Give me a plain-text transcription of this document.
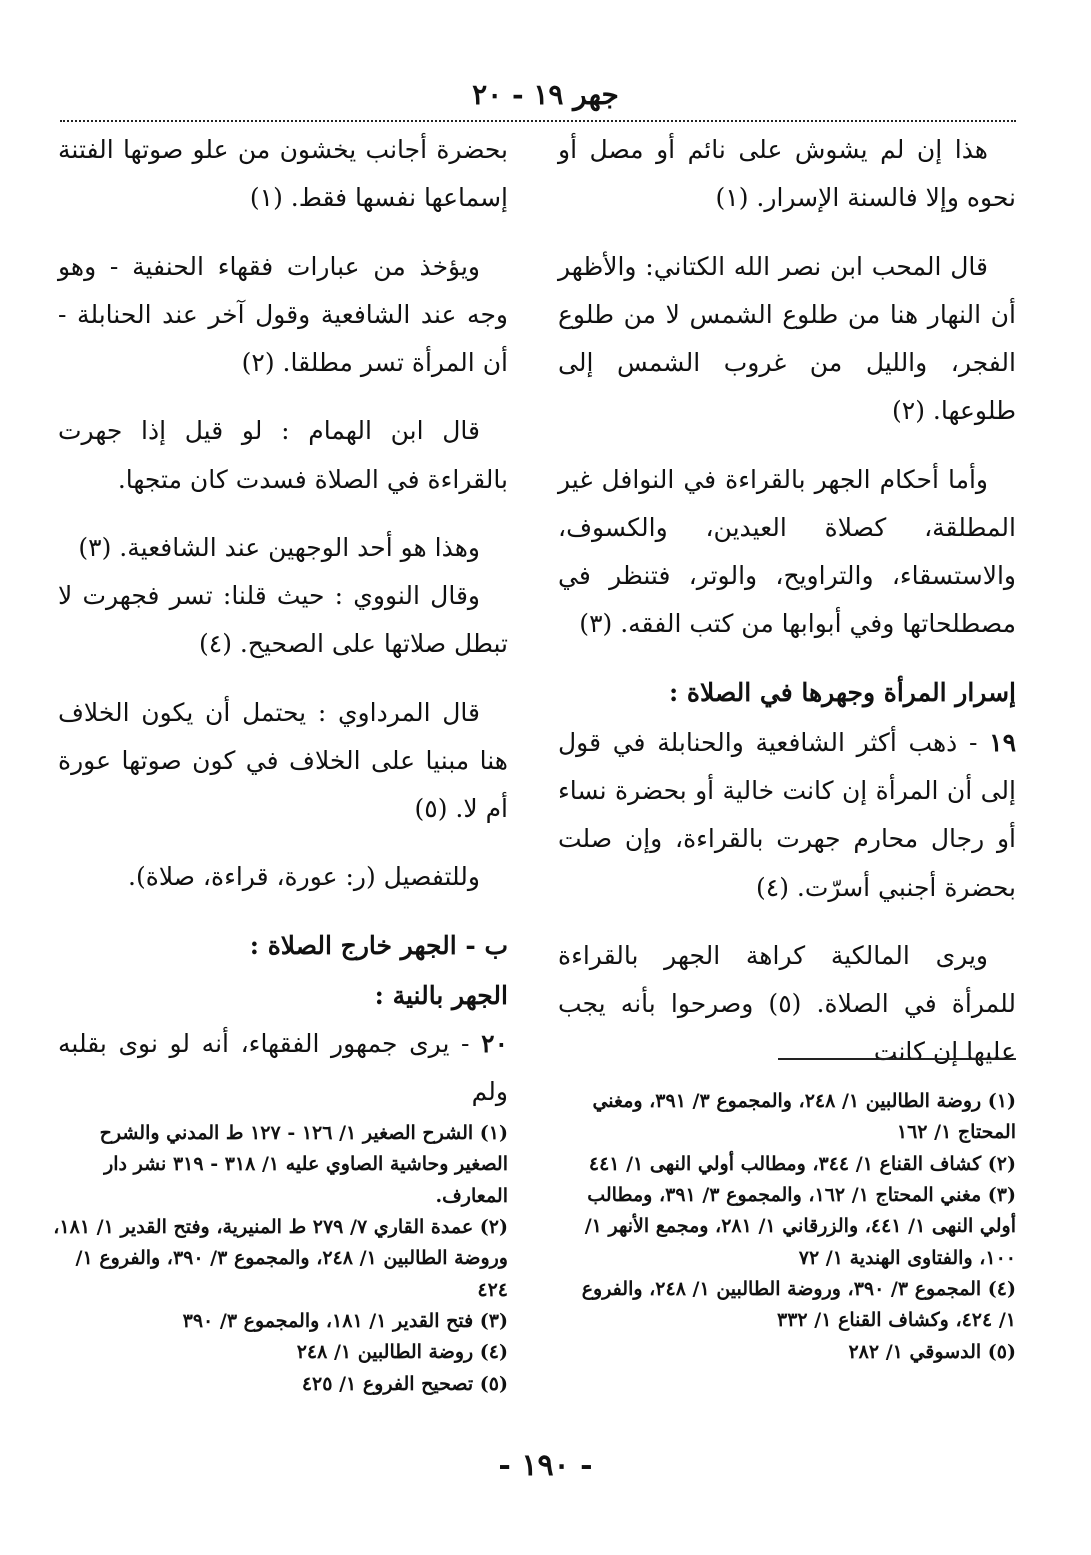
جهر ١٩ - ٢٠

هذا إن لم يشوش على نائم أو مصل أو نحوه وإلا فالسنة الإسرار. (١)

قال المحب ابن نصر الله الكتاني: والأظهر أن النهار هنا من طلوع الشمس لا من طلوع الفجر، والليل من غروب الشمس إلى طلوعها. (٢)

وأما أحكام الجهر بالقراءة في النوافل غير المطلقة، كصلاة العيدين، والكسوف، والاستسقاء، والتراويح، والوتر، فتنظر في مصطلحاتها وفي أبوابها من كتب الفقه. (٣)

إسرار المرأة وجهرها في الصلاة :

١٩ - ذهب أكثر الشافعية والحنابلة في قول إلى أن المرأة إن كانت خالية أو بحضرة نساء أو رجال محارم جهرت بالقراءة، وإن صلت بحضرة أجنبي أسرّت. (٤)

ويرى المالكية كراهة الجهر بالقراءة للمرأة في الصلاة. (٥) وصرحوا بأنه يجب عليها إن كانت

بحضرة أجانب يخشون من علو صوتها الفتنة إسماعها نفسها فقط. (١)

ويؤخذ من عبارات فقهاء الحنفية - وهو وجه عند الشافعية وقول آخر عند الحنابلة - أن المرأة تسر مطلقا. (٢)

قال ابن الهمام : لو قيل إذا جهرت بالقراءة في الصلاة فسدت كان متجها.

وهذا هو أحد الوجهين عند الشافعية. (٣)

وقال النووي : حيث قلنا: تسر فجهرت لا تبطل صلاتها على الصحيح. (٤)

قال المرداوي : يحتمل أن يكون الخلاف هنا مبنيا على الخلاف في كون صوتها عورة أم لا. (٥)

وللتفصيل (ر: عورة، قراءة، صلاة).

ب - الجهر خارج الصلاة :
الجهر بالنية :

٢٠ - يرى جمهور الفقهاء، أنه لو نوى بقلبه ولم	(١) روضة الطالبين ١/ ٢٤٨، والمجموع ٣/ ٣٩١، ومغني المحتاج ١/ ١٦٢
(٢) كشاف القناع ١/ ٣٤٤، ومطالب أولي النهى ١/ ٤٤١
(٣) مغني المحتاج ١/ ١٦٢، والمجموع ٣/ ٣٩١، ومطالب أولي النهى ١/ ٤٤١، والزرقاني ١/ ٢٨١، ومجمع الأنهر ١/ ١٠٠، والفتاوى الهندية ١/ ٧٢
(٤) المجموع ٣/ ٣٩٠، وروضة الطالبين ١/ ٢٤٨، والفروع ١/ ٤٢٤، وكشاف القناع ١/ ٣٣٢
(٥) الدسوقي ١/ ٢٨٢
(١) الشرح الصغير ١/ ١٢٦ - ١٢٧ ط المدني والشرح الصغير وحاشية الصاوي عليه ١/ ٣١٨ - ٣١٩ نشر دار المعارف.
(٢) عمدة القاري ٧/ ٢٧٩ ط المنيرية، وفتح القدير ١/ ١٨١، وروضة الطالبين ١/ ٢٤٨، والمجموع ٣/ ٣٩٠، والفروع ١/ ٤٢٤
(٣) فتح القدير ١/ ١٨١، والمجموع ٣/ ٣٩٠
(٤) روضة الطالبين ١/ ٢٤٨
(٥) تصحيح الفروع ١/ ٤٢٥
- ١٩٠ -
